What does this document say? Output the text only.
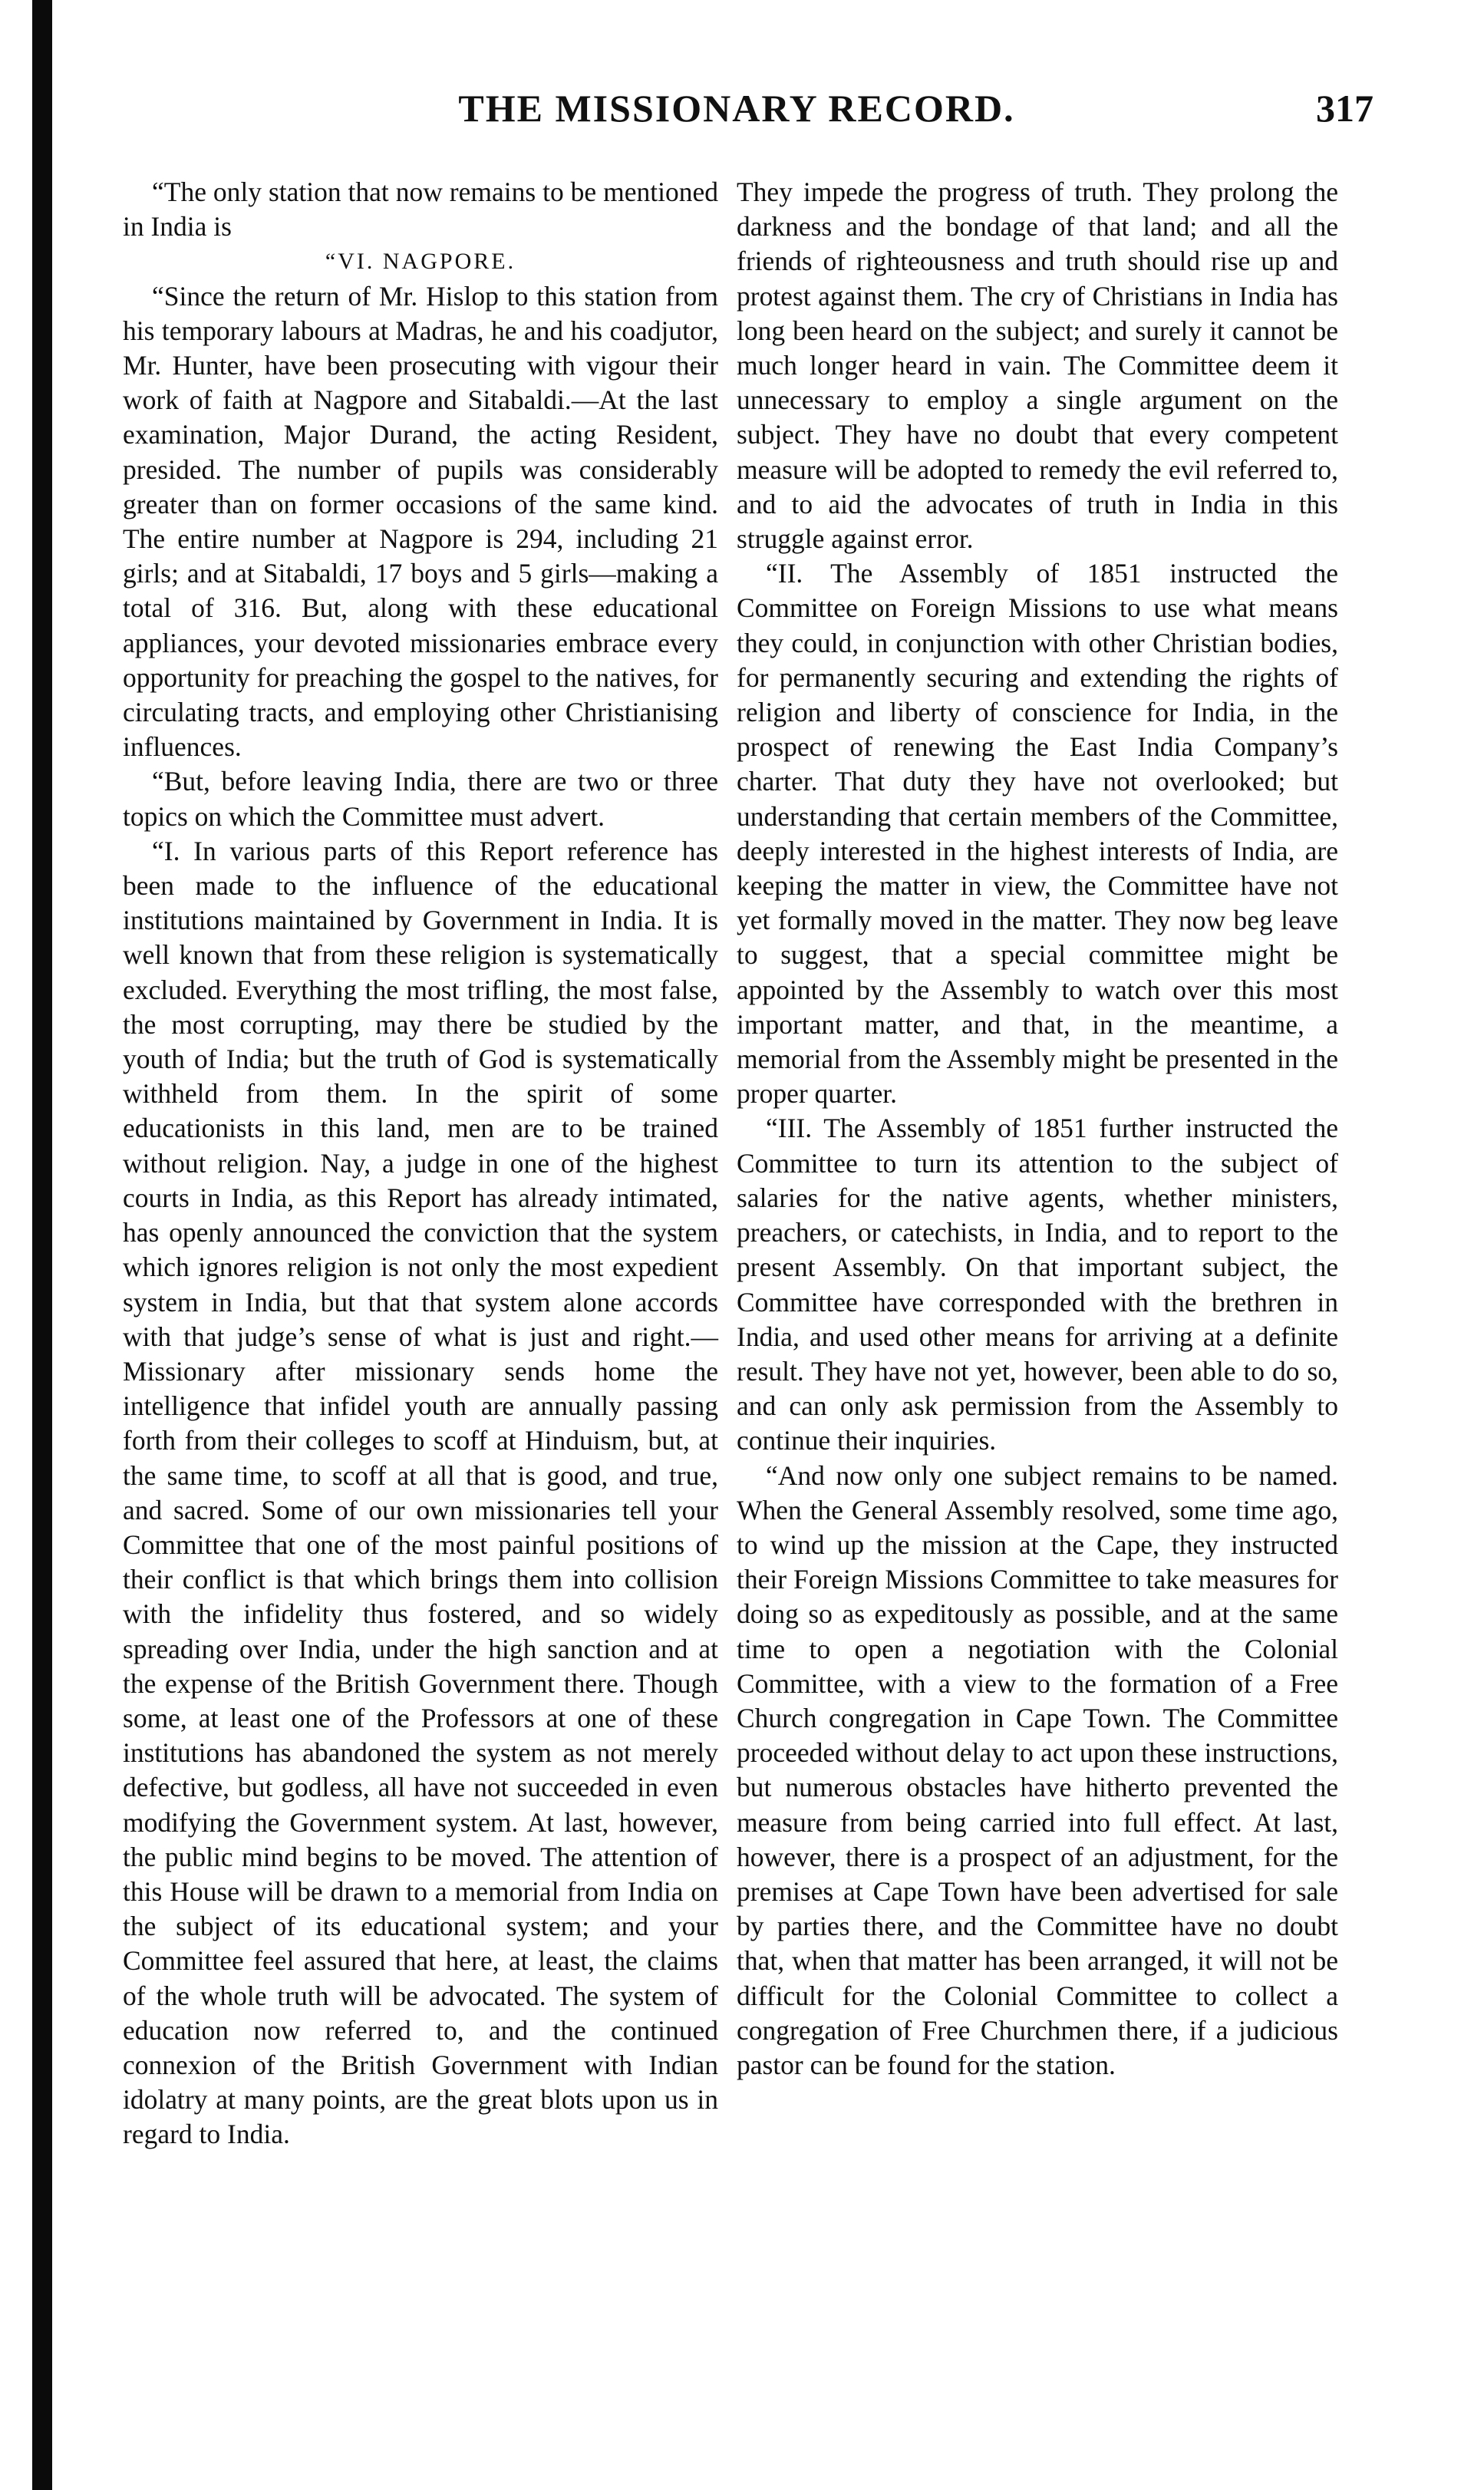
THE MISSIONARY RECORD.	317

“The only station that now remains to be mentioned in India is

“VI. NAGPORE.

“Since the return of Mr. Hislop to this station from his temporary labours at Madras, he and his coadjutor, Mr. Hunter, have been prosecuting with vigour their work of faith at Nagpore and Sitabaldi.—At the last examination, Major Durand, the acting Resident, presided. The number of pupils was considerably greater than on former occasions of the same kind. The entire number at Nagpore is 294, including 21 girls; and at Sitabaldi, 17 boys and 5 girls—making a total of 316. But, along with these educational appliances, your devoted missionaries embrace every opportunity for preaching the gospel to the natives, for circulating tracts, and employing other Christianising influences.

“But, before leaving India, there are two or three topics on which the Committee must advert.

“I. In various parts of this Report reference has been made to the influence of the educational institutions maintained by Government in India. It is well known that from these religion is systematically excluded. Everything the most trifling, the most false, the most corrupting, may there be studied by the youth of India; but the truth of God is systematically withheld from them. In the spirit of some educationists in this land, men are to be trained without religion. Nay, a judge in one of the highest courts in India, as this Report has already intimated, has openly announced the conviction that the system which ignores religion is not only the most expedient system in India, but that that system alone accords with that judge’s sense of what is just and right.—Missionary after missionary sends home the intelligence that infidel youth are annually passing forth from their colleges to scoff at Hinduism, but, at the same time, to scoff at all that is good, and true, and sacred. Some of our own missionaries tell your Committee that one of the most painful positions of their conflict is that which brings them into collision with the infidelity thus fostered, and so widely spreading over India, under the high sanction and at the expense of the British Government there. Though some, at least one of the Professors at one of these institutions has abandoned the system as not merely defective, but godless, all have not succeeded in even modifying the Government system. At last, however, the public mind begins to be moved. The attention of this House will be drawn to a memorial from India on the subject of its educational system; and your Committee feel assured that here, at least, the claims of the whole truth will be advocated. The system of education now referred to, and the continued connexion of the British Government with Indian idolatry at many points, are the great blots upon us in regard to India.

They impede the progress of truth. They prolong the darkness and the bondage of that land; and all the friends of righteousness and truth should rise up and protest against them. The cry of Christians in India has long been heard on the subject; and surely it cannot be much longer heard in vain. The Committee deem it unnecessary to employ a single argument on the subject. They have no doubt that every competent measure will be adopted to remedy the evil referred to, and to aid the advocates of truth in India in this struggle against error.

“II. The Assembly of 1851 instructed the Committee on Foreign Missions to use what means they could, in conjunction with other Christian bodies, for permanently securing and extending the rights of religion and liberty of conscience for India, in the prospect of renewing the East India Company’s charter. That duty they have not overlooked; but understanding that certain members of the Committee, deeply interested in the highest interests of India, are keeping the matter in view, the Committee have not yet formally moved in the matter. They now beg leave to suggest, that a special committee might be appointed by the Assembly to watch over this most important matter, and that, in the meantime, a memorial from the Assembly might be presented in the proper quarter.

“III. The Assembly of 1851 further instructed the Committee to turn its attention to the subject of salaries for the native agents, whether ministers, preachers, or catechists, in India, and to report to the present Assembly. On that important subject, the Committee have corresponded with the brethren in India, and used other means for arriving at a definite result. They have not yet, however, been able to do so, and can only ask permission from the Assembly to continue their inquiries.

“And now only one subject remains to be named. When the General Assembly resolved, some time ago, to wind up the mission at the Cape, they instructed their Foreign Missions Committee to take measures for doing so as expeditously as possible, and at the same time to open a negotiation with the Colonial Committee, with a view to the formation of a Free Church congregation in Cape Town. The Committee proceeded without delay to act upon these instructions, but numerous obstacles have hitherto prevented the measure from being carried into full effect. At last, however, there is a prospect of an adjustment, for the premises at Cape Town have been advertised for sale by parties there, and the Committee have no doubt that, when that matter has been arranged, it will not be difficult for the Colonial Committee to collect a congregation of Free Churchmen there, if a judicious pastor can be found for the station.
